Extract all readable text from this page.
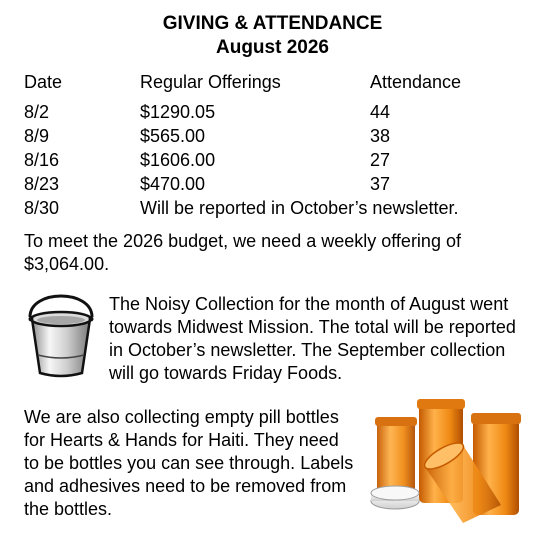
GIVING & ATTENDANCE
August 2026
Date	Regular Offerings	Attendance
8/2	$1290.05	44
8/9	$565.00	38
8/16	$1606.00	27
8/23	$470.00	37
8/30	Will be reported in October’s newsletter.
To meet the 2026 budget, we need a weekly offering of $3,064.00.
The Noisy Collection for the month of August went towards Midwest Mission. The total will be reported in October’s newsletter. The September collection will go towards Friday Foods.
We are also collecting empty pill bottles for Hearts & Hands for Haiti. They need to be bottles you can see through. Labels and adhesives need to be removed from the bottles.
